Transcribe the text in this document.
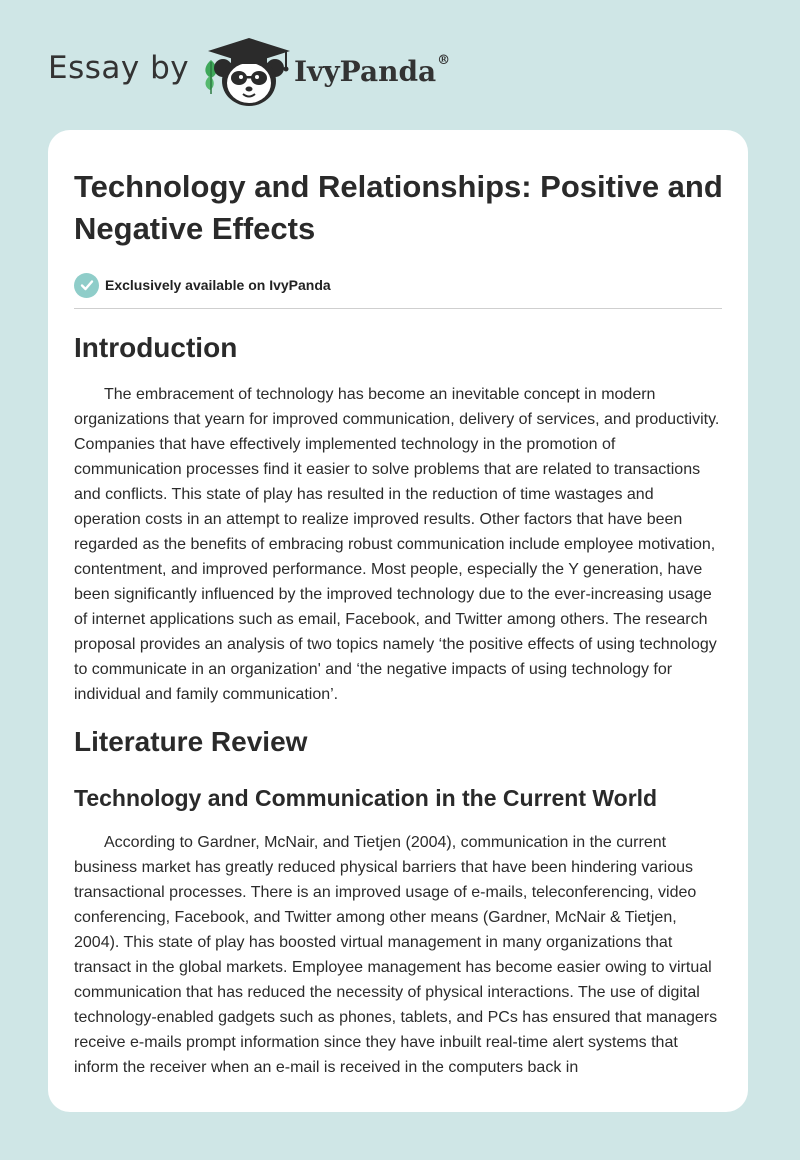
Essay by	IvyPanda®
Technology and Relationships: Positive and Negative Effects
Exclusively available on IvyPanda
Introduction

The embracement of technology has become an inevitable concept in modern organizations that yearn for improved communication, delivery of services, and productivity. Companies that have effectively implemented technology in the promotion of communication processes find it easier to solve problems that are related to transactions and conflicts. This state of play has resulted in the reduction of time wastages and operation costs in an attempt to realize improved results. Other factors that have been regarded as the benefits of embracing robust communication include employee motivation, contentment, and improved performance. Most people, especially the Y generation, have been significantly influenced by the improved technology due to the ever-increasing usage of internet applications such as email, Facebook, and Twitter among others. The research proposal provides an analysis of two topics namely ‘the positive effects of using technology to communicate in an organization' and ‘the negative impacts of using technology for individual and family communication’.

Literature Review
Technology and Communication in the Current World

According to Gardner, McNair, and Tietjen (2004), communication in the current business market has greatly reduced physical barriers that have been hindering various transactional processes. There is an improved usage of e-mails, teleconferencing, video conferencing, Facebook, and Twitter among other means (Gardner, McNair & Tietjen, 2004). This state of play has boosted virtual management in many organizations that transact in the global markets. Employee management has become easier owing to virtual communication that has reduced the necessity of physical interactions. The use of digital technology-enabled gadgets such as phones, tablets, and PCs has ensured that managers receive e-mails prompt information since they have inbuilt real-time alert systems that inform the receiver when an e-mail is received in the computers back in
